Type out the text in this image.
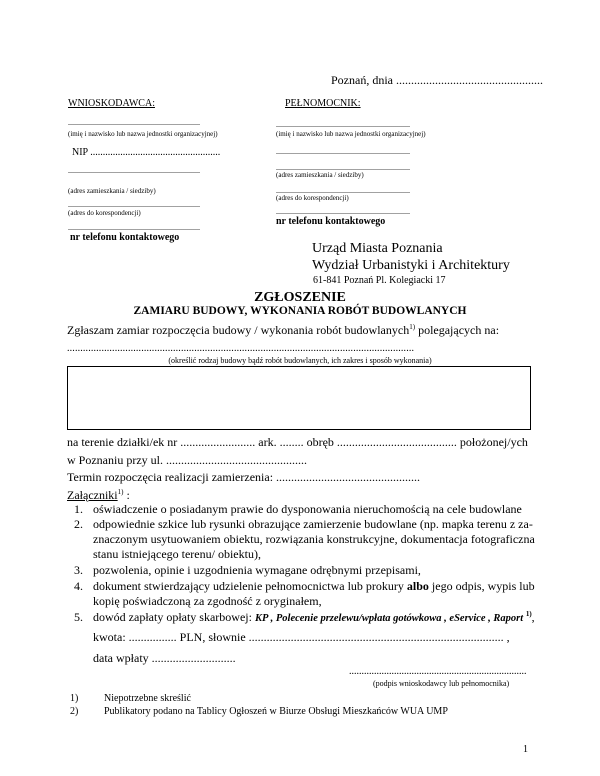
Poznań, dnia .................................................
WNIOSKODAWCA:
..................................................................
(imię i nazwisko lub nazwa jednostki organizacyjnej)
NIP ....................................................
..................................................................
(adres zamieszkania / siedziby)
..................................................................
(adres do korespondencji)
..................................................................
nr telefonu kontaktowego
PEŁNOMOCNIK:
...................................................................
(imię i nazwisko lub nazwa jednostki organizacyjnej)
...................................................................
...................................................................
(adres zamieszkania / siedziby)
...................................................................
(adres do korespondencji)
...................................................................
nr telefonu kontaktowego
Urząd Miasta Poznania
Wydział Urbanistyki i Architektury
61-841 Poznań Pl. Kolegiacki 17
ZGŁOSZENIE
ZAMIARU BUDOWY, WYKONANIA ROBÓT BUDOWLANYCH
Zgłaszam zamiar rozpoczęcia budowy / wykonania robót budowlanych$^{1)}$ polegających na:
...................................................................................................................................
(określić rodzaj budowy bądź robót budowlanych, ich zakres i sposób wykonania)
na terenie działki/ek nr ......................... ark. ........ obręb ........................................ położonej/ych
w Poznaniu przy ul. ...............................................
Termin rozpoczęcia realizacji zamierzenia: ................................................
Załączniki$^{1)}$ :
1. oświadczenie o posiadanym prawie do dysponowania nieruchomością na cele budowlane
2. odpowiednie szkice lub rysunki obrazujące zamierzenie budowlane (np. mapka terenu z za-
znaczonym usytuowaniem obiektu, rozwiązania konstrukcyjne, dokumentacja fotograficzna
stanu istniejącego terenu/ obiektu),
3. pozwolenia, opinie i uzgodnienia wymagane odrębnymi przepisami,
4. dokument stwierdzający udzielenie pełnomocnictwa lub prokury albo jego odpis, wypis lub
kopię poświadczoną za zgodność z oryginałem,
5. dowód zapłaty opłaty skarbowej: KP , Polecenie przelewu/wpłata gotówkowa , eService , Raport $^{1)}$,
kwota: ................ PLN, słownie ..................................................................................... ,
data wpłaty ............................
.......................................................................
(podpis wnioskodawcy lub pełnomocnika)
1)	Niepotrzebne skreślić
2)	Publikatory podano na Tablicy Ogłoszeń w Biurze Obsługi Mieszkańców WUA UMP
1
